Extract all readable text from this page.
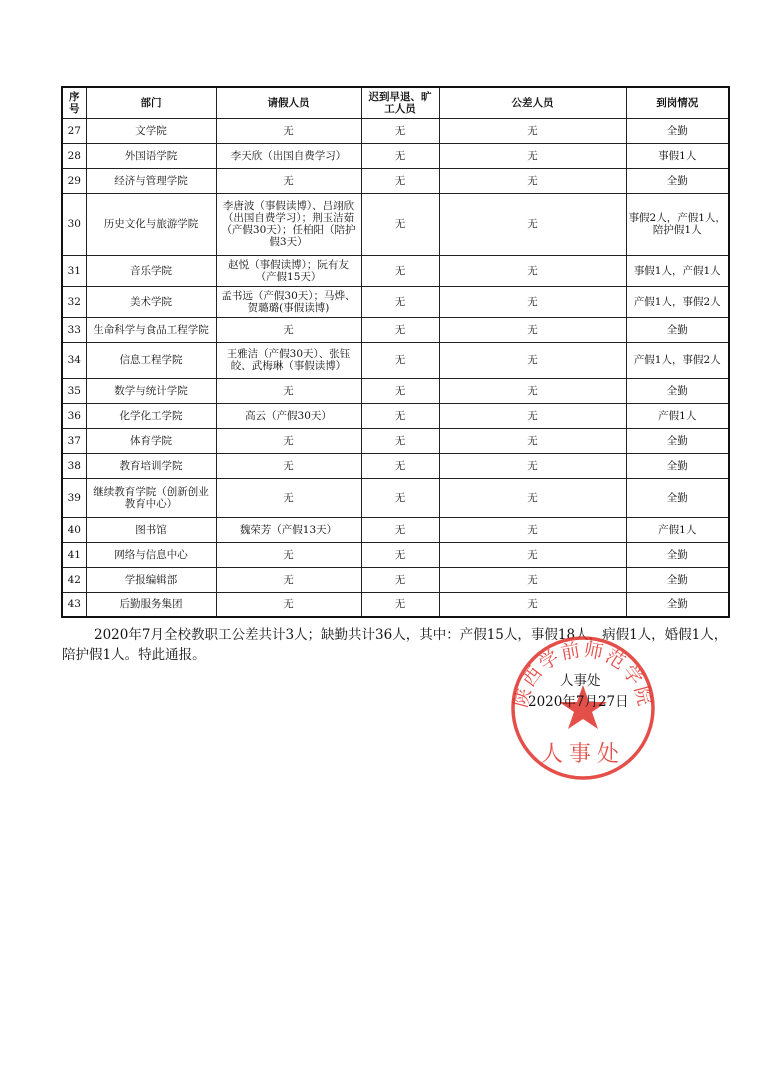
序号	部门	请假人员	迟到早退、旷工人员	公差人员	到岗情况
27	文学院	无	无	无	全勤
28	外国语学院	李天欣（出国自费学习）	无	无	事假1人
29	经济与管理学院	无	无	无	全勤
30	历史文化与旅游学院	李唐波（事假读博）、吕翊欣（出国自费学习）；荆玉洁茹（产假30天）；任柏阳（陪护假3天）	无	无	事假2人，产假1人，陪护假1人
31	音乐学院	赵悦（事假读博）；阮有友（产假15天）	无	无	事假1人，产假1人
32	美术学院	孟书远（产假30天）；马烨、贺璐璐(事假读博)	无	无	产假1人，事假2人
33	生命科学与食品工程学院	无	无	无	全勤
34	信息工程学院	王雅洁（产假30天）、张钰皎、武梅琳（事假读博）	无	无	产假1人，事假2人
35	数学与统计学院	无	无	无	全勤
36	化学化工学院	高云（产假30天）	无	无	产假1人
37	体育学院	无	无	无	全勤
38	教育培训学院	无	无	无	全勤
39	继续教育学院（创新创业教育中心）	无	无	无	全勤
40	图书馆	魏荣芳（产假13天）	无	无	产假1人
41	网络与信息中心	无	无	无	全勤
42	学报编辑部	无	无	无	全勤
43	后勤服务集团	无	无	无	全勤

2020年7月全校教职工公差共计3人；缺勤共计36人，其中：产假15人，事假18人，病假1人，婚假1人，陪护假1人。特此通报。

陕西学前师范学院
人事处
人事处
2020年7月27日
